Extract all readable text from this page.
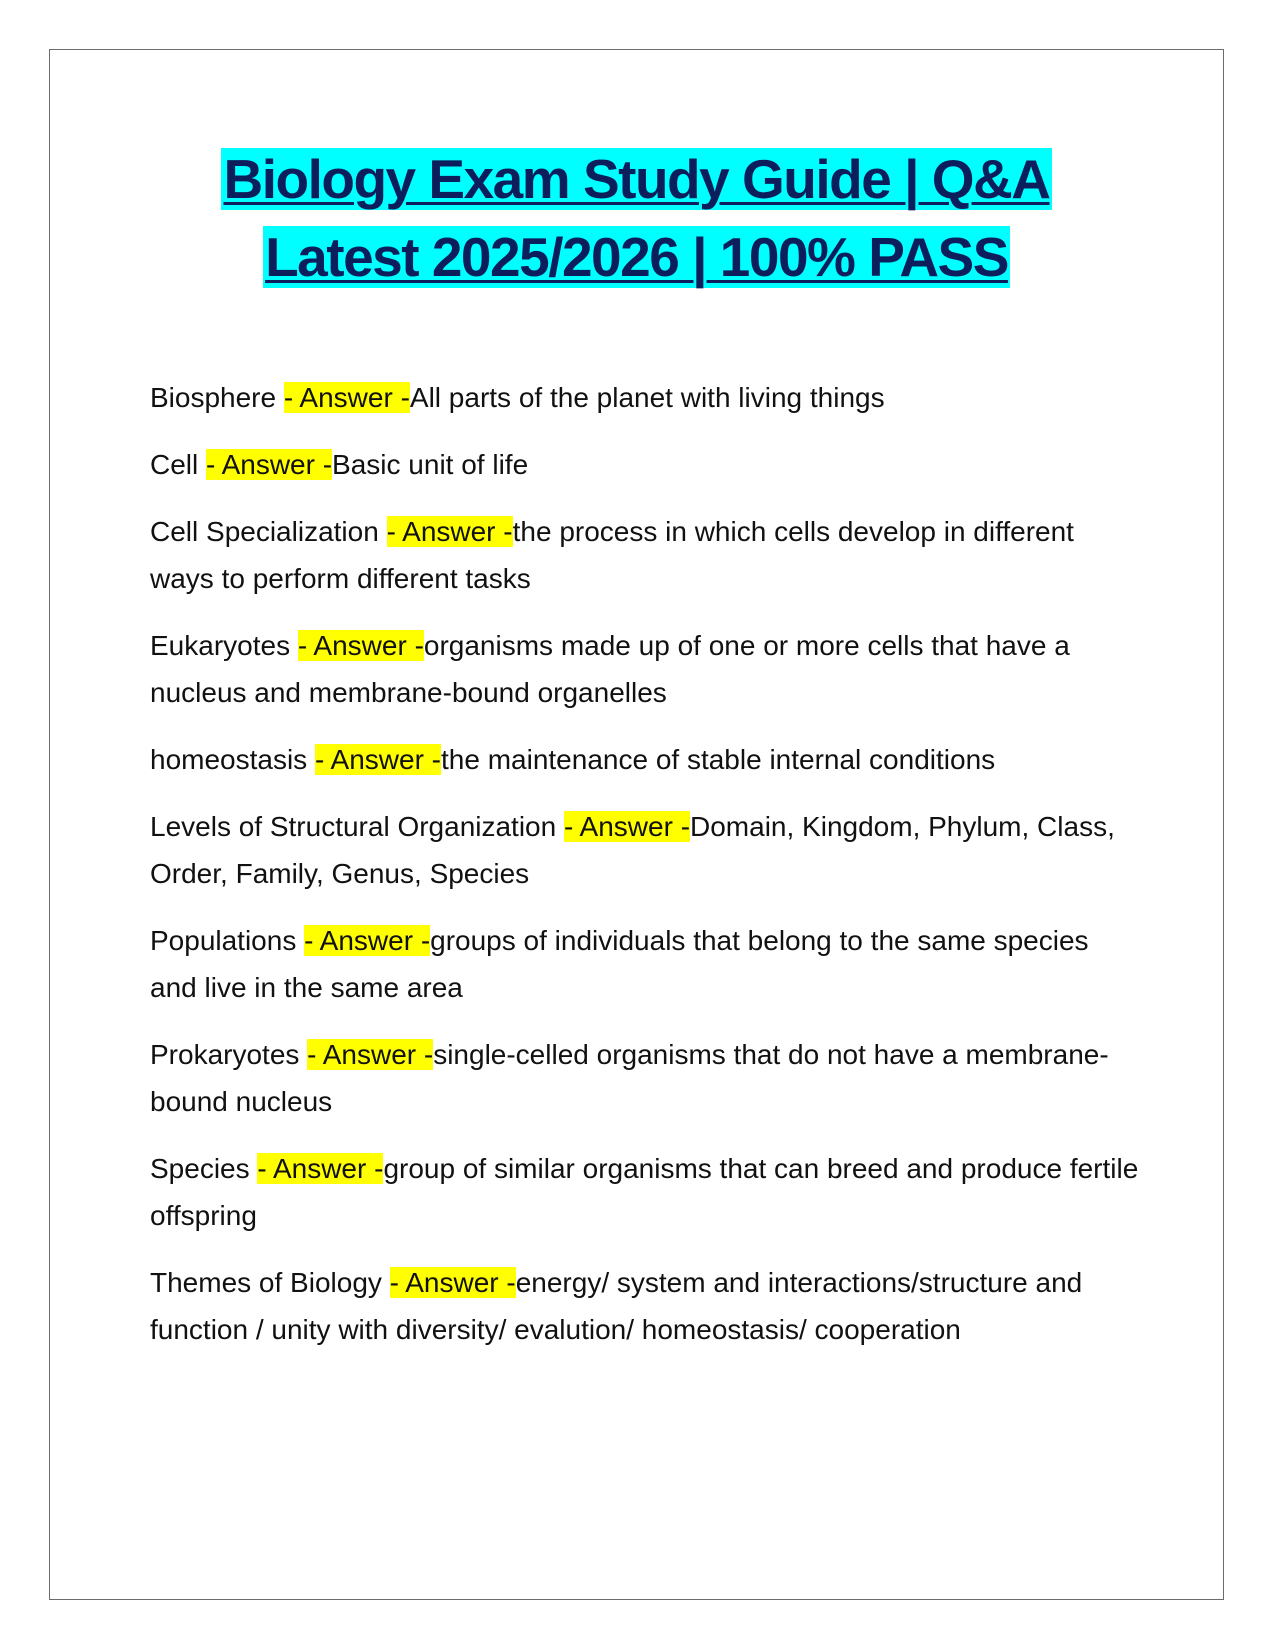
Biology Exam Study Guide | Q&A
Latest 2025/2026 | 100% PASS

Biosphere - Answer -All parts of the planet with living things

Cell - Answer -Basic unit of life

Cell Specialization - Answer -the process in which cells develop in different ways to perform different tasks

Eukaryotes - Answer -organisms made up of one or more cells that have a nucleus and membrane-bound organelles

homeostasis - Answer -the maintenance of stable internal conditions

Levels of Structural Organization - Answer -Domain, Kingdom, Phylum, Class, Order, Family, Genus, Species

Populations - Answer -groups of individuals that belong to the same species and live in the same area

Prokaryotes - Answer -single-celled organisms that do not have a membrane-bound nucleus

Species - Answer -group of similar organisms that can breed and produce fertile offspring

Themes of Biology - Answer -energy/ system and interactions/structure and function / unity with diversity/ evalution/ homeostasis/ cooperation
